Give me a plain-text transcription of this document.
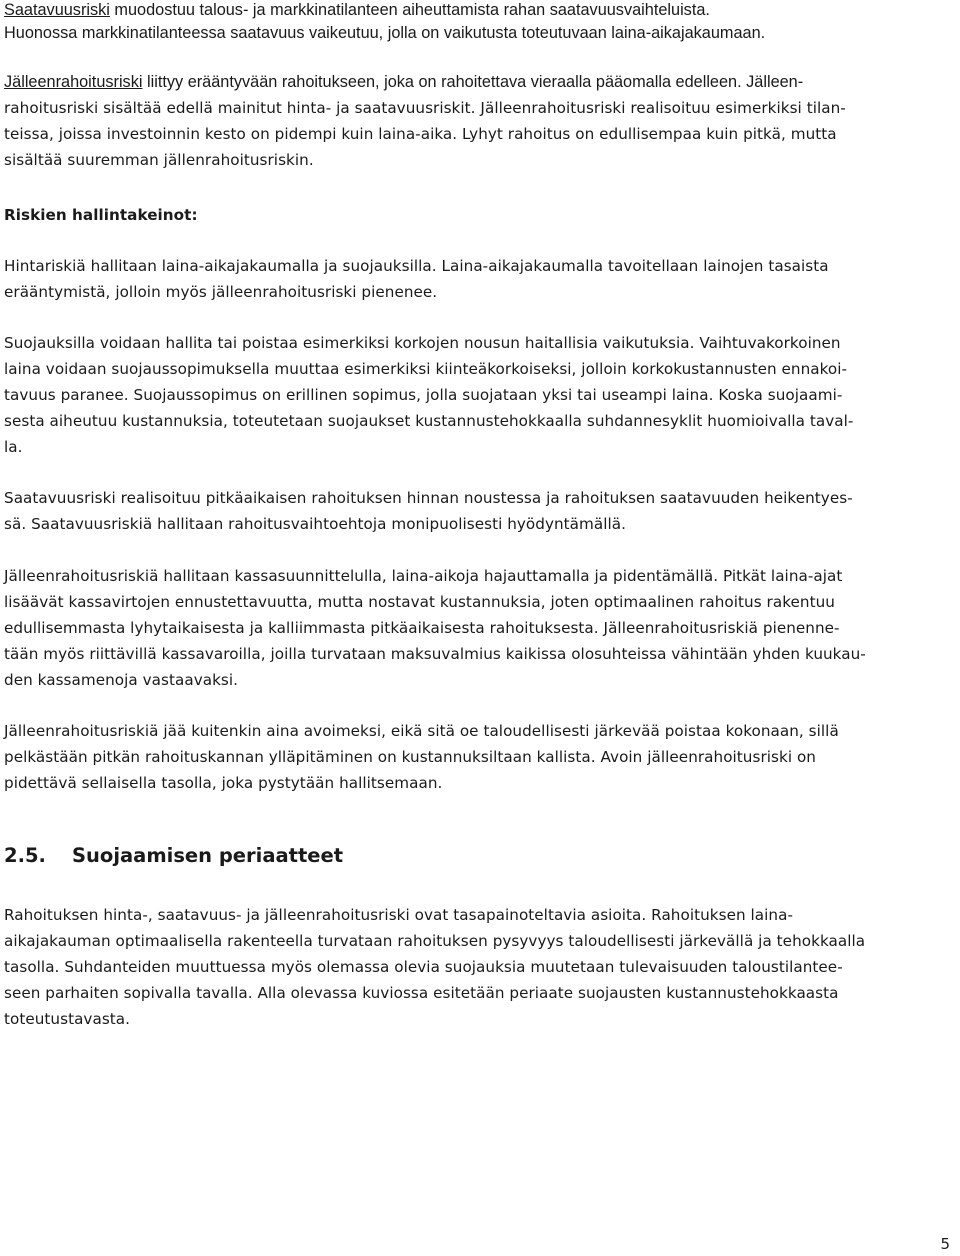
Saatavuusriski muodostuu talous- ja markkinatilanteen aiheuttamista rahan saatavuusvaihteluista.
Huonossa markkinatilanteessa saatavuus vaikeutuu, jolla on vaikutusta toteutuvaan laina-aikajakaumaan.
Jälleenrahoitusriski liittyy erääntyvään rahoitukseen, joka on rahoitettava vieraalla pääomalla edelleen. Jälleen-
rahoitusriski sisältää edellä mainitut hinta- ja saatavuusriskit. Jälleenrahoitusriski realisoituu esimerkiksi tilan-
teissa, joissa investoinnin kesto on pidempi kuin laina-aika. Lyhyt rahoitus on edullisempaa kuin pitkä, mutta
sisältää suuremman jällenrahoitusriskin.
Riskien hallintakeinot:
Hintariskiä hallitaan laina-aikajakaumalla ja suojauksilla. Laina-aikajakaumalla tavoitellaan lainojen tasaista
erääntymistä, jolloin myös jälleenrahoitusriski pienenee.
Suojauksilla voidaan hallita tai poistaa esimerkiksi korkojen nousun haitallisia vaikutuksia. Vaihtuvakorkoinen
laina voidaan suojaussopimuksella muuttaa esimerkiksi kiinteäkorkoiseksi, jolloin korkokustannusten ennakoi-
tavuus paranee. Suojaussopimus on erillinen sopimus, jolla suojataan yksi tai useampi laina. Koska suojaami-
sesta aiheutuu kustannuksia, toteutetaan suojaukset kustannustehokkaalla suhdannesyklit huomioivalla taval-
la.
Saatavuusriski realisoituu pitkäaikaisen rahoituksen hinnan noustessa ja rahoituksen saatavuuden heikentyes-
sä. Saatavuusriskiä hallitaan rahoitusvaihtoehtoja monipuolisesti hyödyntämällä.
Jälleenrahoitusriskiä hallitaan kassasuunnittelulla, laina-aikoja hajauttamalla ja pidentämällä. Pitkät laina-ajat
lisäävät kassavirtojen ennustettavuutta, mutta nostavat kustannuksia, joten optimaalinen rahoitus rakentuu
edullisemmasta lyhytaikaisesta ja kalliimmasta pitkäaikaisesta rahoituksesta. Jälleenrahoitusriskiä pienenne-
tään myös riittävillä kassavaroilla, joilla turvataan maksuvalmius kaikissa olosuhteissa vähintään yhden kuukau-
den kassamenoja vastaavaksi.
Jälleenrahoitusriskiä jää kuitenkin aina avoimeksi, eikä sitä oe taloudellisesti järkevää poistaa kokonaan, sillä
pelkästään pitkän rahoituskannan ylläpitäminen on kustannuksiltaan kallista. Avoin jälleenrahoitusriski on
pidettävä sellaisella tasolla, joka pystytään hallitsemaan.
2.5. Suojaamisen periaatteet
Rahoituksen hinta-, saatavuus- ja jälleenrahoitusriski ovat tasapainoteltavia asioita. Rahoituksen laina-
aikajakauman optimaalisella rakenteella turvataan rahoituksen pysyvyys taloudellisesti järkevällä ja tehokkaalla
tasolla. Suhdanteiden muuttuessa myös olemassa olevia suojauksia muutetaan tulevaisuuden taloustilantee-
seen parhaiten sopivalla tavalla. Alla olevassa kuviossa esitetään periaate suojausten kustannustehokkaasta
toteutustavasta.
5
